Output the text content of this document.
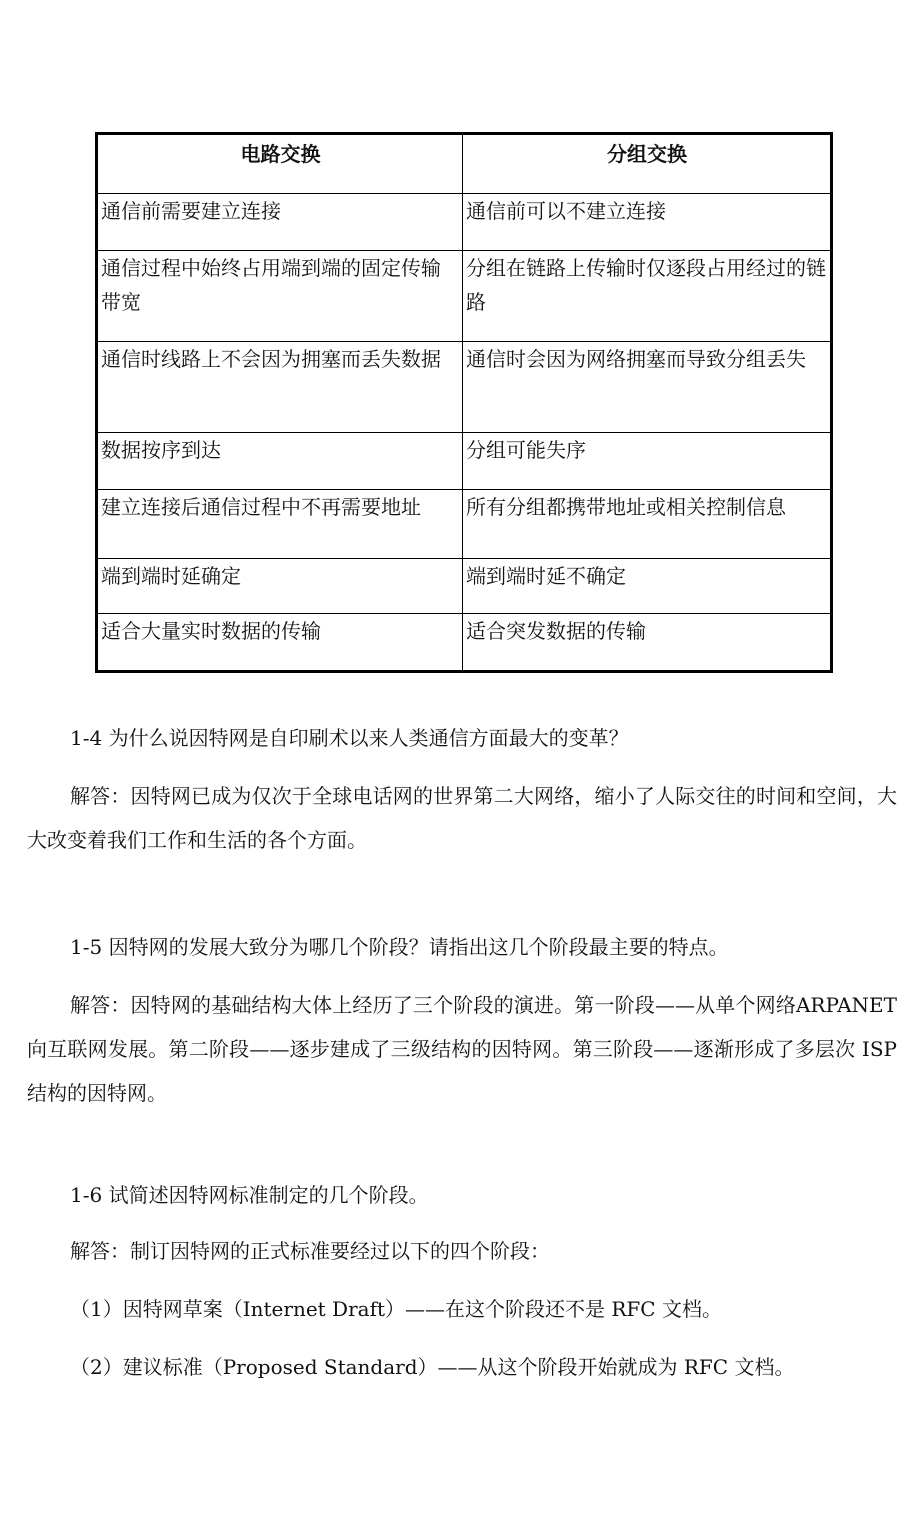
电路交换	分组交换
通信前需要建立连接	通信前可以不建立连接
通信过程中始终占用端到端的固定传输带宽	分组在链路上传输时仅逐段占用经过的链路
通信时线路上不会因为拥塞而丢失数据	通信时会因为网络拥塞而导致分组丢失
数据按序到达	分组可能失序
建立连接后通信过程中不再需要地址	所有分组都携带地址或相关控制信息
端到端时延确定	端到端时延不确定
适合大量实时数据的传输	适合突发数据的传输

1-4 为什么说因特网是自印刷术以来人类通信方面最大的变革？

解答：因特网已成为仅次于全球电话网的世界第二大网络，缩小了人际交往的时间和空间，大大改变着我们工作和生活的各个方面。

1-5 因特网的发展大致分为哪几个阶段？请指出这几个阶段最主要的特点。

解答：因特网的基础结构大体上经历了三个阶段的演进。第一阶段——从单个网络ARPANET 向互联网发展。第二阶段——逐步建成了三级结构的因特网。第三阶段——逐渐形成了多层次 ISP 结构的因特网。

1-6 试简述因特网标准制定的几个阶段。

解答：制订因特网的正式标准要经过以下的四个阶段：

（1）因特网草案（Internet Draft）——在这个阶段还不是 RFC 文档。

（2）建议标准（Proposed Standard）——从这个阶段开始就成为 RFC 文档。
